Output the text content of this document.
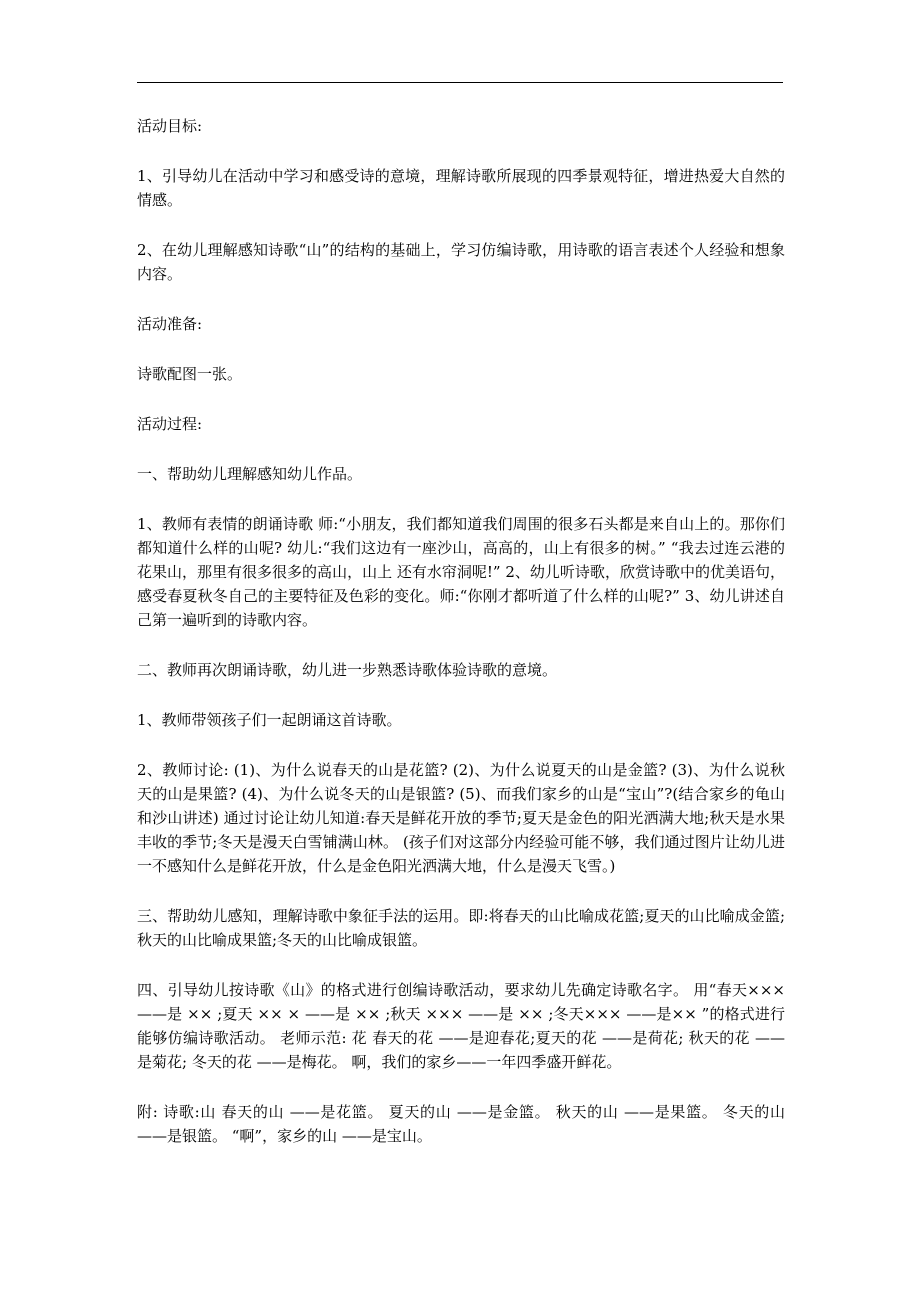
活动目标:

1、引导幼儿在活动中学习和感受诗的意境，理解诗歌所展现的四季景观特征，增进热爱大自然的情感。

2、在幼儿理解感知诗歌“山”的结构的基础上，学习仿编诗歌，用诗歌的语言表述个人经验和想象内容。

活动准备:

诗歌配图一张。

活动过程:

一、帮助幼儿理解感知幼儿作品。

1、教师有表情的朗诵诗歌 师:“小朋友，我们都知道我们周围的很多石头都是来自山上的。那你们都知道什么样的山呢? 幼儿:“我们这边有一座沙山，高高的，山上有很多的树。” “我去过连云港的花果山，那里有很多很多的高山，山上 还有水帘洞呢!” 2、幼儿听诗歌，欣赏诗歌中的优美语句，感受春夏秋冬自己的主要特征及色彩的变化。师:“你刚才都听道了什么样的山呢?” 3、幼儿讲述自己第一遍听到的诗歌内容。

二、教师再次朗诵诗歌，幼儿进一步熟悉诗歌体验诗歌的意境。

1、教师带领孩子们一起朗诵这首诗歌。

2、教师讨论: (1)、为什么说春天的山是花篮? (2)、为什么说夏天的山是金篮? (3)、为什么说秋天的山是果篮? (4)、为什么说冬天的山是银篮? (5)、而我们家乡的山是“宝山”?(结合家乡的龟山和沙山讲述) 通过讨论让幼儿知道:春天是鲜花开放的季节;夏天是金色的阳光洒满大地;秋天是水果丰收的季节;冬天是漫天白雪铺满山林。 (孩子们对这部分内经验可能不够，我们通过图片让幼儿进一不感知什么是鲜花开放，什么是金色阳光洒满大地，什么是漫天飞雪。)

三、帮助幼儿感知，理解诗歌中象征手法的运用。即:将春天的山比喻成花篮;夏天的山比喻成金篮;秋天的山比喻成果篮;冬天的山比喻成银篮。

四、引导幼儿按诗歌《山》的格式进行创编诗歌活动，要求幼儿先确定诗歌名字。 用“春天×××——是 ×× ;夏天 ×× × ——是 ×× ;秋天 ××× ——是 ×× ;冬天××× ——是×× ”的格式进行能够仿编诗歌活动。 老师示范: 花 春天的花 ——是迎春花;夏天的花 ——是荷花; 秋天的花 ——是菊花; 冬天的花 ——是梅花。 啊，我们的家乡——一年四季盛开鲜花。

附: 诗歌:山 春天的山 ——是花篮。 夏天的山 ——是金篮。 秋天的山 ——是果篮。 冬天的山 ——是银篮。 “啊”，家乡的山 ——是宝山。
